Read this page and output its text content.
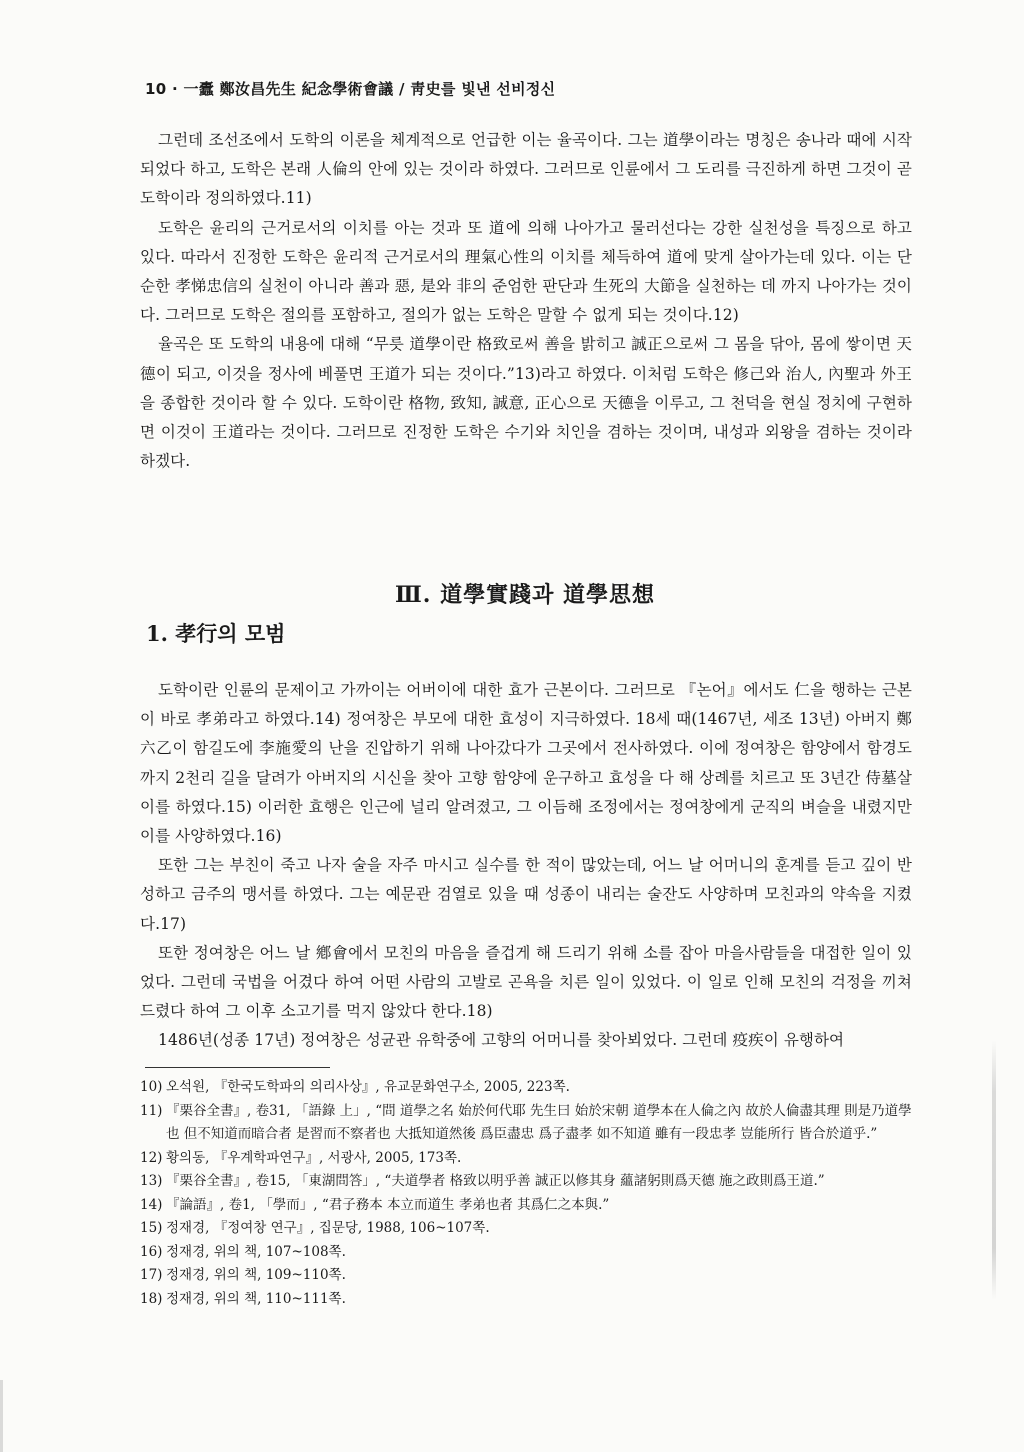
10 · 一蠹 鄭汝昌先生 紀念學術會議 / 靑史를 빛낸 선비정신

그런데 조선조에서 도학의 이론을 체계적으로 언급한 이는 율곡이다. 그는 道學이라는 명칭은 송나라 때에 시작되었다 하고, 도학은 본래 人倫의 안에 있는 것이라 하였다. 그러므로 인륜에서 그 도리를 극진하게 하면 그것이 곧 도학이라 정의하였다.11)

도학은 윤리의 근거로서의 이치를 아는 것과 또 道에 의해 나아가고 물러선다는 강한 실천성을 특징으로 하고 있다. 따라서 진정한 도학은 윤리적 근거로서의 理氣心性의 이치를 체득하여 道에 맞게 살아가는데 있다. 이는 단순한 孝悌忠信의 실천이 아니라 善과 惡, 是와 非의 준엄한 판단과 生死의 大節을 실천하는 데 까지 나아가는 것이다. 그러므로 도학은 절의를 포함하고, 절의가 없는 도학은 말할 수 없게 되는 것이다.12)

율곡은 또 도학의 내용에 대해 “무릇 道學이란 格致로써 善을 밝히고 誠正으로써 그 몸을 닦아, 몸에 쌓이면 天德이 되고, 이것을 정사에 베풀면 王道가 되는 것이다.”13)라고 하였다. 이처럼 도학은 修己와 治人, 內聖과 外王을 종합한 것이라 할 수 있다. 도학이란 格物, 致知, 誠意, 正心으로 天德을 이루고, 그 천덕을 현실 정치에 구현하면 이것이 王道라는 것이다. 그러므로 진정한 도학은 수기와 치인을 겸하는 것이며, 내성과 외왕을 겸하는 것이라 하겠다.

Ⅲ. 道學實踐과 道學思想
1. 孝行의 모범

도학이란 인륜의 문제이고 가까이는 어버이에 대한 효가 근본이다. 그러므로 『논어』에서도 仁을 행하는 근본이 바로 孝弟라고 하였다.14) 정여창은 부모에 대한 효성이 지극하였다. 18세 때(1467년, 세조 13년) 아버지 鄭六乙이 함길도에 李施愛의 난을 진압하기 위해 나아갔다가 그곳에서 전사하였다. 이에 정여창은 함양에서 함경도까지 2천리 길을 달려가 아버지의 시신을 찾아 고향 함양에 운구하고 효성을 다 해 상례를 치르고 또 3년간 侍墓살이를 하였다.15) 이러한 효행은 인근에 널리 알려졌고, 그 이듬해 조정에서는 정여창에게 군직의 벼슬을 내렸지만 이를 사양하였다.16)

또한 그는 부친이 죽고 나자 술을 자주 마시고 실수를 한 적이 많았는데, 어느 날 어머니의 훈계를 듣고 깊이 반성하고 금주의 맹서를 하였다. 그는 예문관 검열로 있을 때 성종이 내리는 술잔도 사양하며 모친과의 약속을 지켰다.17)

또한 정여창은 어느 날 鄕會에서 모친의 마음을 즐겁게 해 드리기 위해 소를 잡아 마을사람들을 대접한 일이 있었다. 그런데 국법을 어겼다 하여 어떤 사람의 고발로 곤욕을 치른 일이 있었다. 이 일로 인해 모친의 걱정을 끼쳐 드렸다 하여 그 이후 소고기를 먹지 않았다 한다.18)

1486년(성종 17년) 정여창은 성균관 유학중에 고향의 어머니를 찾아뵈었다. 그런데 疫疾이 유행하여

10) 오석원, 『한국도학파의 의리사상』, 유교문화연구소, 2005, 223쪽.
11) 『栗谷全書』, 卷31, 「語錄 上」, “問 道學之名 始於何代耶 先生曰 始於宋朝 道學本在人倫之內 故於人倫盡其理 則是乃道學也 但不知道而暗合者 是習而不察者也 大抵知道然後 爲臣盡忠 爲子盡孝 如不知道 雖有一段忠孝 豈能所行 皆合於道乎.”
12) 황의동, 『우계학파연구』, 서광사, 2005, 173쪽.
13) 『栗谷全書』, 卷15, 「東湖問答」, “夫道學者 格致以明乎善 誠正以修其身 蘊諸躬則爲天德 施之政則爲王道.”
14) 『論語』, 卷1, 「學而」, “君子務本 本立而道生 孝弟也者 其爲仁之本與.”
15) 정재경, 『정여창 연구』, 집문당, 1988, 106~107쪽.
16) 정재경, 위의 책, 107~108쪽.
17) 정재경, 위의 책, 109~110쪽.
18) 정재경, 위의 책, 110~111쪽.
